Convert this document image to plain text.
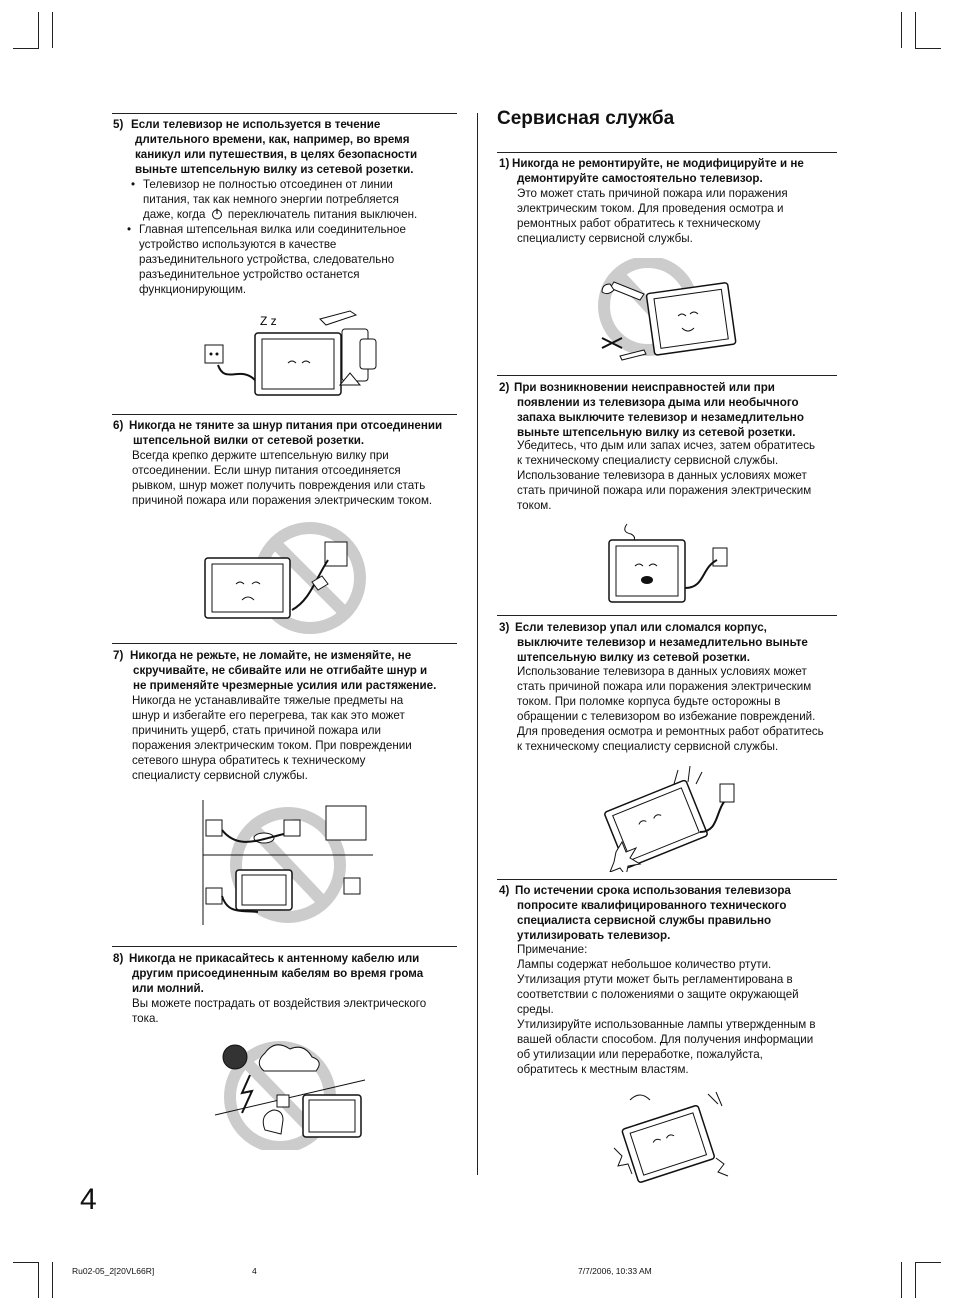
5) Если телевизор не используется в течение
длительного времени, как, например, во время
каникул или путешествия, в целях безопасности
выньте штепсельную вилку из сетевой розетки.
• Телевизор не полностью отсоединен от линии
питания, так как немного энергии потребляется
даже, когда переключатель питания выключен.
• Главная штепсельная вилка или соединительное
устройство используются в качестве
разъединительного устройства, следовательно
разъединительное устройство останется
функционирующим.
Z z
6) Никогда не тяните за шнур питания при отсоединении
штепсельной вилки от сетевой розетки.
Всегда крепко держите штепсельную вилку при
отсоединении. Если шнур питания отсоединяется
рывком, шнур может получить повреждения или стать
причиной пожара или поражения электрическим током.
7) Никогда не режьте, не ломайте, не изменяйте, не
скручивайте, не сбивайте или не отгибайте шнур и
не применяйте чрезмерные усилия или растяжение.
Никогда не устанавливайте тяжелые предметы на
шнур и избегайте его перегрева, так как это может
причинить ущерб, стать причиной пожара или
поражения электрическим током. При повреждении
сетевого шнура обратитесь к техническому
специалисту сервисной службы.
8) Никогда не прикасайтесь к антенному кабелю или
другим присоединенным кабелям во время грома
или молний.
Вы можете пострадать от воздействия электрического
тока.
4
Сервисная служба
1) Никогда не ремонтируйте, не модифицируйте и не
демонтируйте самостоятельно телевизор.
Это может стать причиной пожара или поражения
электрическим током. Для проведения осмотра и
ремонтных работ обратитесь к техническому
специалисту сервисной службы.
2) При возникновении неисправностей или при
появлении из телевизора дыма или необычного
запаха выключите телевизор и незамедлительно
выньте штепсельную вилку из сетевой розетки.
Убедитесь, что дым или запах исчез, затем обратитесь
к техническому специалисту сервисной службы.
Использование телевизора в данных условиях может
стать причиной пожара или поражения электрическим
током.
3) Если телевизор упал или сломался корпус,
выключите телевизор и незамедлительно выньте
штепсельную вилку из сетевой розетки.
Использование телевизора в данных условиях может
стать причиной пожара или поражения электрическим
током. При поломке корпуса будьте осторожны в
обращении с телевизором во избежание повреждений.
Для проведения осмотра и ремонтных работ обратитесь
к техническому специалисту сервисной службы.
4) По истечении срока использования телевизора
попросите квалифицированного технического
специалиста сервисной службы правильно
утилизировать телевизор.
Примечание:
Лампы содержат небольшое количество ртути.
Утилизация ртути может быть регламентирована в
соответствии с положениями о защите окружающей
среды.
Утилизируйте использованные лампы утвержденным в
вашей области способом. Для получения информации
об утилизации или переработке, пожалуйста,
обратитесь к местным властям.
Ru02-05_2[20VL66R]	4	7/7/2006, 10:33 AM
